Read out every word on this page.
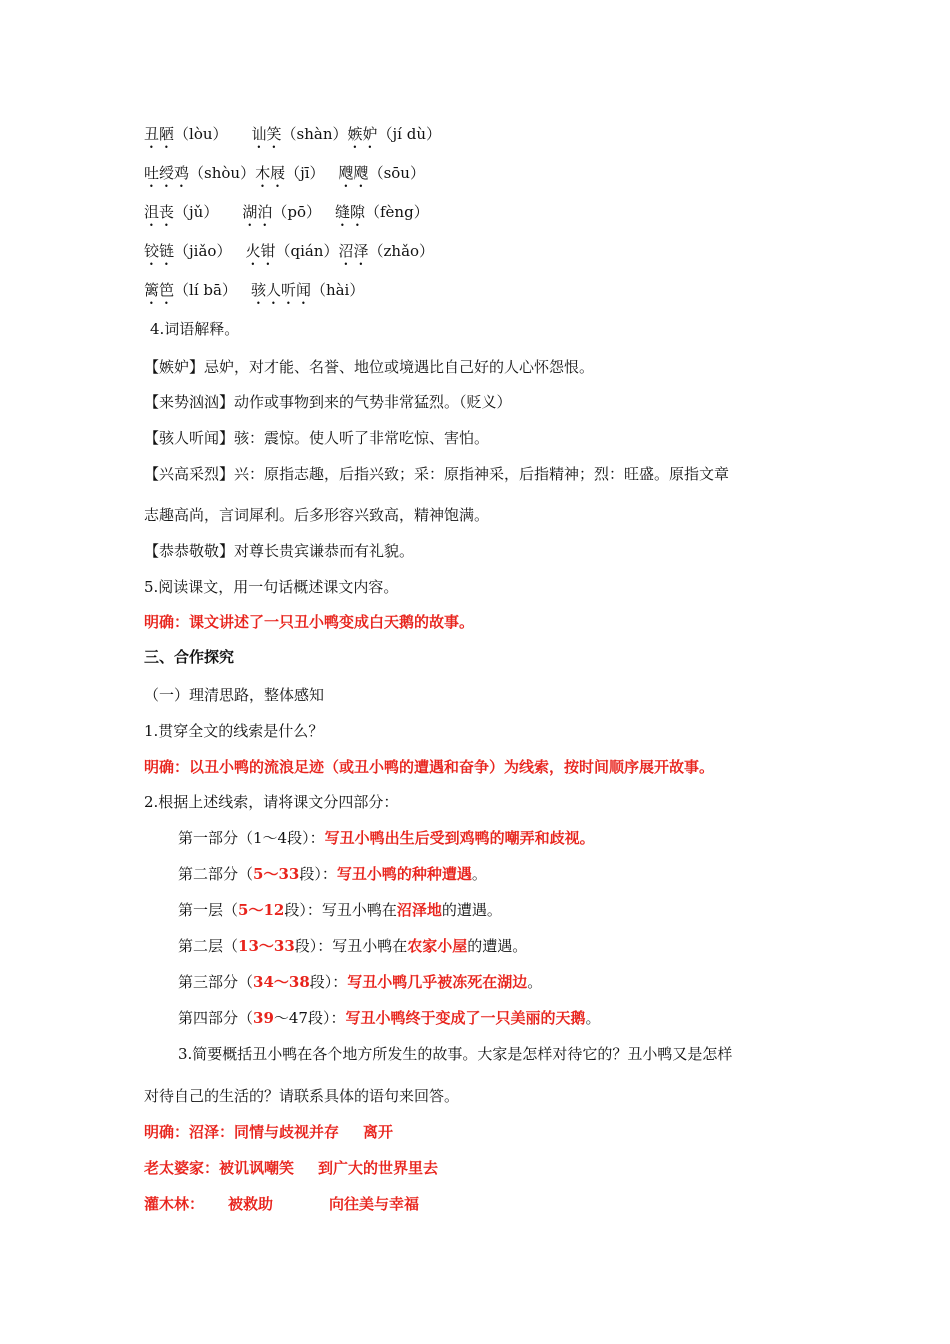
丑陋（lòu） 讪笑（shàn）嫉妒（jí dù）
吐绶鸡（shòu）木屐（jī） 飕飕（sōu）
沮丧（jǔ） 湖泊（pō） 缝隙（fèng）
铰链（jiǎo） 火钳（qián）沼泽（zhǎo）
篱笆（lí bā） 骇人听闻（hài）
4.词语解释。
【嫉妒】忌妒，对才能、名誉、地位或境遇比自己好的人心怀怨恨。
【来势汹汹】动作或事物到来的气势非常猛烈。（贬义）
【骇人听闻】骇：震惊。使人听了非常吃惊、害怕。
【兴高采烈】兴：原指志趣，后指兴致；采：原指神采，后指精神；烈：旺盛。原指文章
志趣高尚，言词犀利。后多形容兴致高，精神饱满。
【恭恭敬敬】对尊长贵宾谦恭而有礼貌。
5.阅读课文，用一句话概述课文内容。
明确：课文讲述了一只丑小鸭变成白天鹅的故事。
三、合作探究
（一）理清思路，整体感知
1.贯穿全文的线索是什么？
明确：以丑小鸭的流浪足迹（或丑小鸭的遭遇和奋争）为线索，按时间顺序展开故事。
2.根据上述线索，请将课文分四部分：
第一部分（1～4段）：写丑小鸭出生后受到鸡鸭的嘲弄和歧视。
第二部分（5～33段）：写丑小鸭的种种遭遇。
第一层（5～12段）：写丑小鸭在沼泽地的遭遇。
第二层（13～33段）：写丑小鸭在农家小屋的遭遇。
第三部分（34～38段）：写丑小鸭几乎被冻死在湖边。
第四部分（39～47段）：写丑小鸭终于变成了一只美丽的天鹅。
3.简要概括丑小鸭在各个地方所发生的故事。大家是怎样对待它的？丑小鸭又是怎样
对待自己的生活的？请联系具体的语句来回答。
明确：沼泽：同情与歧视并存 离开
老太婆家：被讥讽嘲笑 到广大的世界里去
灌木林： 被救助	向往美与幸福
